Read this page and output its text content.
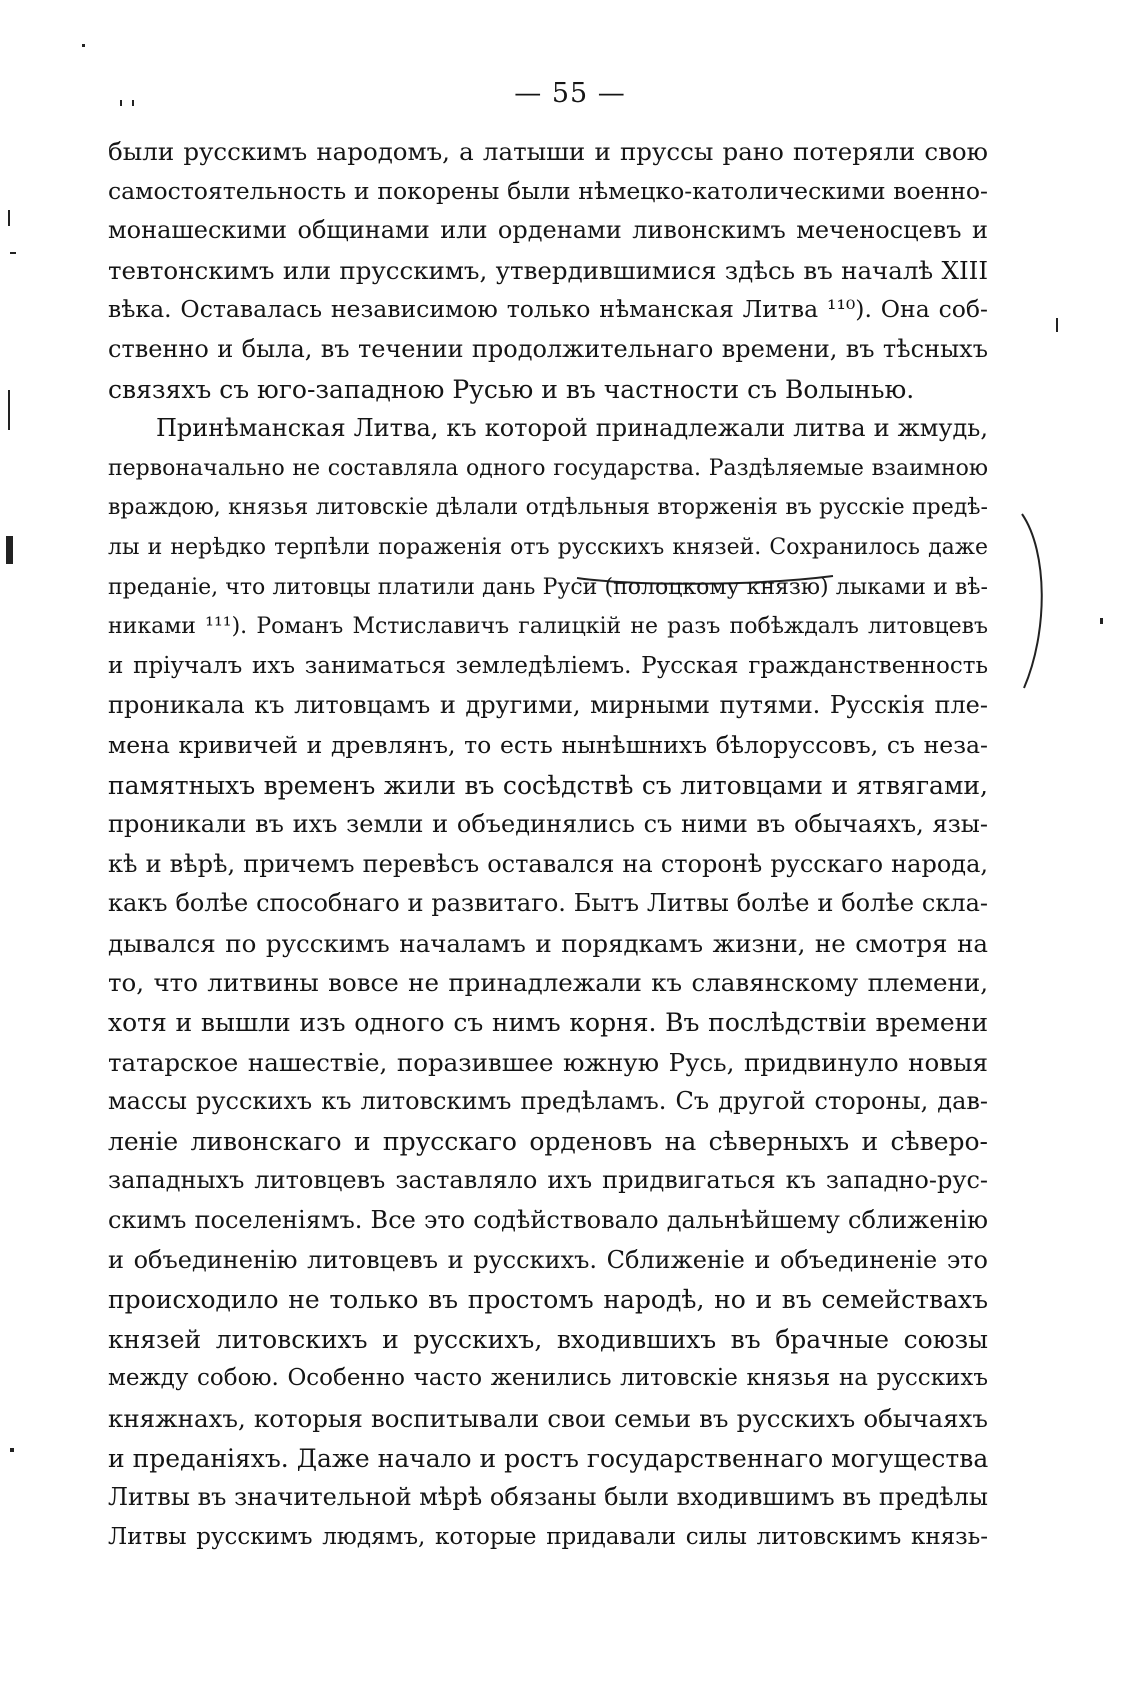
— 55 —
были русскимъ народомъ, а латыши и пруссы рано потеряли свою
самостоятельность и покорены были нѣмецко-католическими военно-
монашескими общинами или орденами ливонскимъ меченосцевъ и
тевтонскимъ или прусскимъ, утвердившимися здѣсь въ началѣ XIII
вѣка. Оставалась независимою только нѣманская Литва ¹¹⁰). Она соб-
ственно и была, въ течении продолжительнаго времени, въ тѣсныхъ
связяхъ съ юго-западною Русью и въ частности съ Волынью.
Принѣманская Литва, къ которой принадлежали литва и жмудь,
первоначально не составляла одного государства. Раздѣляемые взаимною
враждою, князья литовскіе дѣлали отдѣльныя вторженія въ русскіе предѣ-
лы и нерѣдко терпѣли пораженія отъ русскихъ князей. Сохранилось даже
преданіе, что литовцы платили дань Руси (полоцкому князю) лыками и вѣ-
никами ¹¹¹). Романъ Мстиславичъ галицкій не разъ побѣждалъ литовцевъ
и пріучалъ ихъ заниматься земледѣліемъ. Русская гражданственность
проникала къ литовцамъ и другими, мирными путями. Русскія пле-
мена кривичей и древлянъ, то есть нынѣшнихъ бѣлоруссовъ, съ неза-
памятныхъ временъ жили въ сосѣдствѣ съ литовцами и ятвягами,
проникали въ ихъ земли и объединялись съ ними въ обычаяхъ, язы-
кѣ и вѣрѣ, причемъ перевѣсъ оставался на сторонѣ русскаго народа,
какъ болѣе способнаго и развитаго. Бытъ Литвы болѣе и болѣе скла-
дывался по русскимъ началамъ и порядкамъ жизни, не смотря на
то, что литвины вовсе не принадлежали къ славянскому племени,
хотя и вышли изъ одного съ нимъ корня. Въ послѣдствіи времени
татарское нашествіе, поразившее южную Русь, придвинуло новыя
массы русскихъ къ литовскимъ предѣламъ. Съ другой стороны, дав-
леніе ливонскаго и прусскаго орденовъ на сѣверныхъ и сѣверо-
западныхъ литовцевъ заставляло ихъ придвигаться къ западно-рус-
скимъ поселеніямъ. Все это содѣйствовало дальнѣйшему сближенію
и объединенію литовцевъ и русскихъ. Сближеніе и объединеніе это
происходило не только въ простомъ народѣ, но и въ семействахъ
князей литовскихъ и русскихъ, входившихъ въ брачные союзы
между собою. Особенно часто женились литовскіе князья на русскихъ
княжнахъ, которыя воспитывали свои семьи въ русскихъ обычаяхъ
и преданіяхъ. Даже начало и ростъ государственнаго могущества
Литвы въ значительной мѣрѣ обязаны были входившимъ въ предѣлы
Литвы русскимъ людямъ, которые придавали силы литовскимъ князь-
